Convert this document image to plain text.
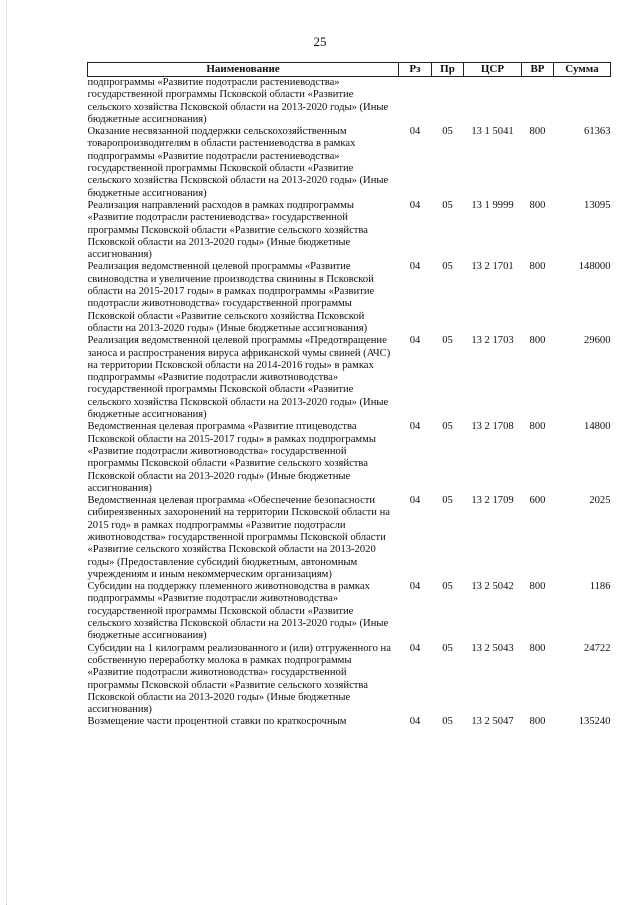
25
Наименование	Рз	Пр	ЦСР	ВР	Сумма
подпрограммы «Развитие подотрасли растениеводства» государственной программы Псковской области «Развитие сельского хозяйства Псковской области на 2013-2020 годы» (Иные бюджетные ассигнования)					
Оказание несвязанной поддержки сельскохозяйственным товаропроизводителям в области растениеводства в рамках подпрограммы «Развитие подотрасли растениеводства» государственной программы Псковской области «Развитие сельского хозяйства Псковской области на 2013-2020 годы» (Иные бюджетные ассигнования)	04	05	13 1 5041	800	61363
Реализация направлений расходов в рамках подпрограммы «Развитие подотрасли растениеводства» государственной программы Псковской области «Развитие сельского хозяйства Псковской области на 2013-2020 годы» (Иные бюджетные ассигнования)	04	05	13 1 9999	800	13095
Реализация ведомственной целевой программы «Развитие свиноводства и увеличение производства свинины в Псковской области на 2015-2017 годы» в рамках подпрограммы «Развитие подотрасли животноводства» государственной программы Псковской области «Развитие сельского хозяйства Псковской области на 2013-2020 годы» (Иные бюджетные ассигнования)	04	05	13 2 1701	800	148000
Реализация ведомственной целевой программы «Предотвращение заноса и распространения вируса африканской чумы свиней (АЧС) на территории Псковской области на 2014-2016 годы» в рамках подпрограммы «Развитие подотрасли животноводства» государственной программы Псковской области «Развитие сельского хозяйства Псковской области на 2013-2020 годы» (Иные бюджетные ассигнования)	04	05	13 2 1703	800	29600
Ведомственная целевая программа «Развитие птицеводства Псковской области на 2015-2017 годы» в рамках подпрограммы «Развитие подотрасли животноводства» государственной программы Псковской области «Развитие сельского хозяйства Псковской области на 2013-2020 годы» (Иные бюджетные ассигнования)	04	05	13 2 1708	800	14800
Ведомственная целевая программа «Обеспечение безопасности сибиреязвенных захоронений на территории Псковской области на 2015 год» в рамках подпрограммы «Развитие подотрасли животноводства» государственной программы Псковской области «Развитие сельского хозяйства Псковской области на 2013-2020 годы» (Предоставление субсидий бюджетным, автономным учреждениям и иным некоммерческим организациям)	04	05	13 2 1709	600	2025
Субсидии на поддержку племенного животноводства в рамках подпрограммы «Развитие подотрасли животноводства» государственной программы Псковской области «Развитие сельского хозяйства Псковской области на 2013-2020 годы» (Иные бюджетные ассигнования)	04	05	13 2 5042	800	1186
Субсидии на 1 килограмм реализованного и (или) отгруженного на собственную переработку молока в рамках подпрограммы «Развитие подотрасли животноводства» государственной программы Псковской области «Развитие сельского хозяйства Псковской области на 2013-2020 годы» (Иные бюджетные ассигнования)	04	05	13 2 5043	800	24722
Возмещение части процентной ставки по краткосрочным	04	05	13 2 5047	800	135240
